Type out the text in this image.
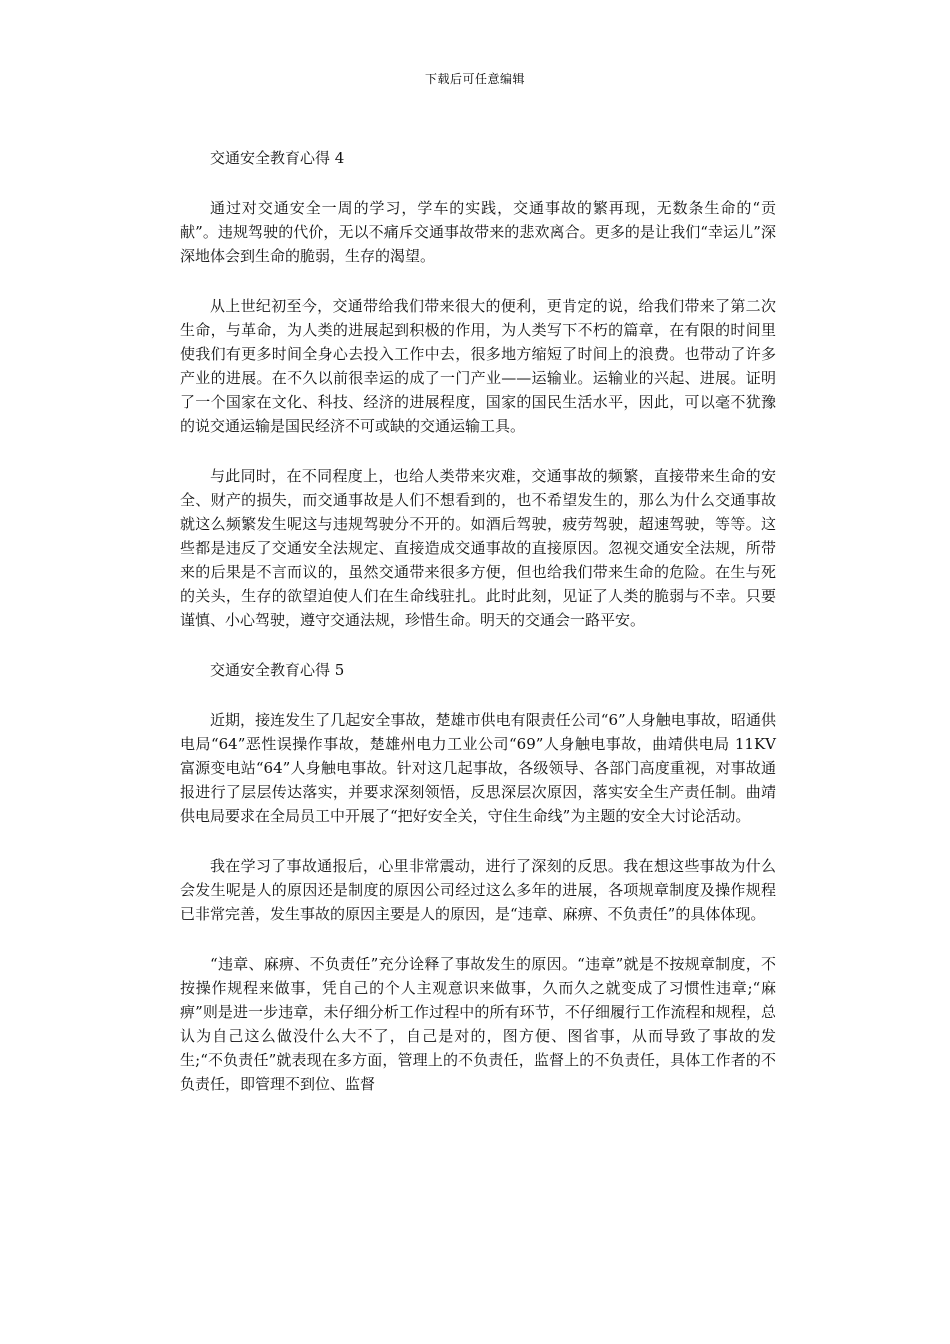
下载后可任意编辑

交通安全教育心得 4

通过对交通安全一周的学习，学车的实践，交通事故的繁再现，无数条生命的“贡献”。违规驾驶的代价，无以不痛斥交通事故带来的悲欢离合。更多的是让我们“幸运儿”深深地体会到生命的脆弱，生存的渴望。

从上世纪初至今，交通带给我们带来很大的便利，更肯定的说，给我们带来了第二次生命，与革命，为人类的进展起到积极的作用，为人类写下不朽的篇章，在有限的时间里使我们有更多时间全身心去投入工作中去，很多地方缩短了时间上的浪费。也带动了许多产业的进展。在不久以前很幸运的成了一门产业——运输业。运输业的兴起、进展。证明了一个国家在文化、科技、经济的进展程度，国家的国民生活水平，因此，可以毫不犹豫的说交通运输是国民经济不可或缺的交通运输工具。

与此同时，在不同程度上，也给人类带来灾难，交通事故的频繁，直接带来生命的安全、财产的损失，而交通事故是人们不想看到的，也不希望发生的，那么为什么交通事故就这么频繁发生呢这与违规驾驶分不开的。如酒后驾驶，疲劳驾驶，超速驾驶，等等。这些都是违反了交通安全法规定、直接造成交通事故的直接原因。忽视交通安全法规，所带来的后果是不言而议的，虽然交通带来很多方便，但也给我们带来生命的危险。在生与死的关头，生存的欲望迫使人们在生命线驻扎。此时此刻，见证了人类的脆弱与不幸。只要谨慎、小心驾驶，遵守交通法规，珍惜生命。明天的交通会一路平安。

交通安全教育心得 5

近期，接连发生了几起安全事故，楚雄市供电有限责任公司“6”人身触电事故，昭通供电局“64”恶性误操作事故，楚雄州电力工业公司“69”人身触电事故，曲靖供电局 11KV 富源变电站“64”人身触电事故。针对这几起事故，各级领导、各部门高度重视，对事故通报进行了层层传达落实，并要求深刻领悟，反思深层次原因，落实安全生产责任制。曲靖供电局要求在全局员工中开展了“把好安全关，守住生命线”为主题的安全大讨论活动。

我在学习了事故通报后，心里非常震动，进行了深刻的反思。我在想这些事故为什么会发生呢是人的原因还是制度的原因公司经过这么多年的进展，各项规章制度及操作规程已非常完善，发生事故的原因主要是人的原因，是“违章、麻痹、不负责任”的具体体现。

“违章、麻痹、不负责任”充分诠释了事故发生的原因。“违章”就是不按规章制度，不按操作规程来做事，凭自己的个人主观意识来做事，久而久之就变成了习惯性违章;“麻痹”则是进一步违章，未仔细分析工作过程中的所有环节，不仔细履行工作流程和规程，总认为自己这么做没什么大不了，自己是对的，图方便、图省事，从而导致了事故的发生;“不负责任”就表现在多方面，管理上的不负责任，监督上的不负责任，具体工作者的不负责任，即管理不到位、监督
